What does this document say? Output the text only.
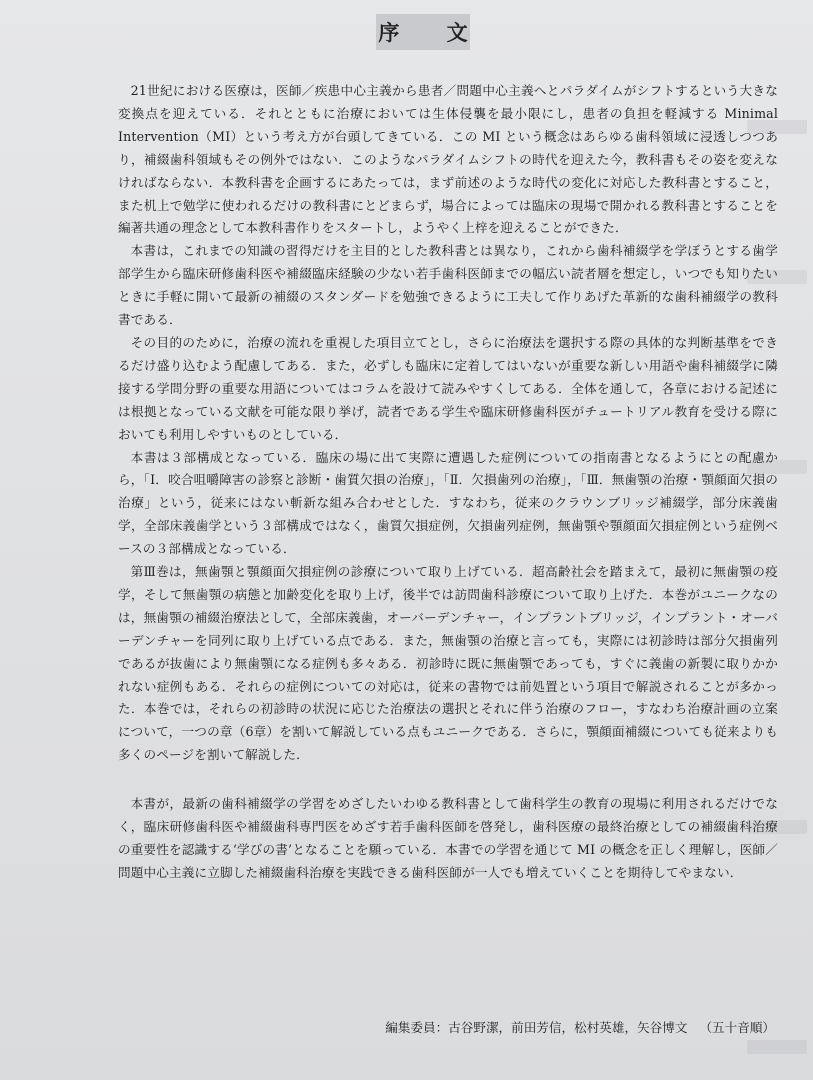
序 文

21世紀における医療は，医師／疾患中心主義から患者／問題中心主義へとパラダイムがシフトするという大きな変換点を迎えている．それとともに治療においては生体侵襲を最小限にし，患者の負担を軽減する Minimal Intervention（MI）という考え方が台頭してきている．この MI という概念はあらゆる歯科領域に浸透しつつあり，補綴歯科領域もその例外ではない．このようなパラダイムシフトの時代を迎えた今，教科書もその姿を変えなければならない．本教科書を企画するにあたっては，まず前述のような時代の変化に対応した教科書とすること，また机上で勉学に使われるだけの教科書にとどまらず，場合によっては臨床の現場で開かれる教科書とすることを編著共通の理念として本教科書作りをスタートし，ようやく上梓を迎えることができた．

本書は，これまでの知識の習得だけを主目的とした教科書とは異なり，これから歯科補綴学を学ぼうとする歯学部学生から臨床研修歯科医や補綴臨床経験の少ない若手歯科医師までの幅広い読者層を想定し，いつでも知りたいときに手軽に開いて最新の補綴のスタンダードを勉強できるように工夫して作りあげた革新的な歯科補綴学の教科書である．

その目的のために，治療の流れを重視した項目立てとし，さらに治療法を選択する際の具体的な判断基準をできるだけ盛り込むよう配慮してある．また，必ずしも臨床に定着してはいないが重要な新しい用語や歯科補綴学に隣接する学問分野の重要な用語についてはコラムを設けて読みやすくしてある．全体を通して，各章における記述には根拠となっている文献を可能な限り挙げ，読者である学生や臨床研修歯科医がチュートリアル教育を受ける際においても利用しやすいものとしている．

本書は３部構成となっている．臨床の場に出て実際に遭遇した症例についての指南書となるようにとの配慮から，「Ⅰ．咬合咀嚼障害の診察と診断・歯質欠損の治療」，「Ⅱ．欠損歯列の治療」，「Ⅲ．無歯顎の治療・顎顔面欠損の治療」という，従来にはない斬新な組み合わせとした．すなわち，従来のクラウンブリッジ補綴学，部分床義歯学，全部床義歯学という３部構成ではなく，歯質欠損症例，欠損歯列症例，無歯顎や顎顔面欠損症例という症例ベースの３部構成となっている．

第Ⅲ巻は，無歯顎と顎顔面欠損症例の診療について取り上げている．超高齢社会を踏まえて，最初に無歯顎の疫学，そして無歯顎の病態と加齢変化を取り上げ，後半では訪問歯科診療について取り上げた．本巻がユニークなのは，無歯顎の補綴治療法として，全部床義歯，オーバーデンチャー，インプラントブリッジ，インプラント・オーバーデンチャーを同列に取り上げている点である．また，無歯顎の治療と言っても，実際には初診時は部分欠損歯列であるが抜歯により無歯顎になる症例も多々ある．初診時に既に無歯顎であっても，すぐに義歯の新製に取りかかれない症例もある．それらの症例についての対応は，従来の書物では前処置という項目で解説されることが多かった．本巻では，それらの初診時の状況に応じた治療法の選択とそれに伴う治療のフロー，すなわち治療計画の立案について，一つの章（6章）を割いて解説している点もユニークである．さらに，顎顔面補綴についても従来よりも多くのページを割いて解説した．

本書が，最新の歯科補綴学の学習をめざしたいわゆる教科書として歯科学生の教育の現場に利用されるだけでなく，臨床研修歯科医や補綴歯科専門医をめざす若手歯科医師を啓発し，歯科医療の最終治療としての補綴歯科治療の重要性を認識する‘学びの書’となることを願っている．本書での学習を通じて MI の概念を正しく理解し，医師／問題中心主義に立脚した補綴歯科治療を実践できる歯科医師が一人でも増えていくことを期待してやまない．

編集委員：古谷野潔，前田芳信，松村英雄，矢谷博文 （五十音順）
